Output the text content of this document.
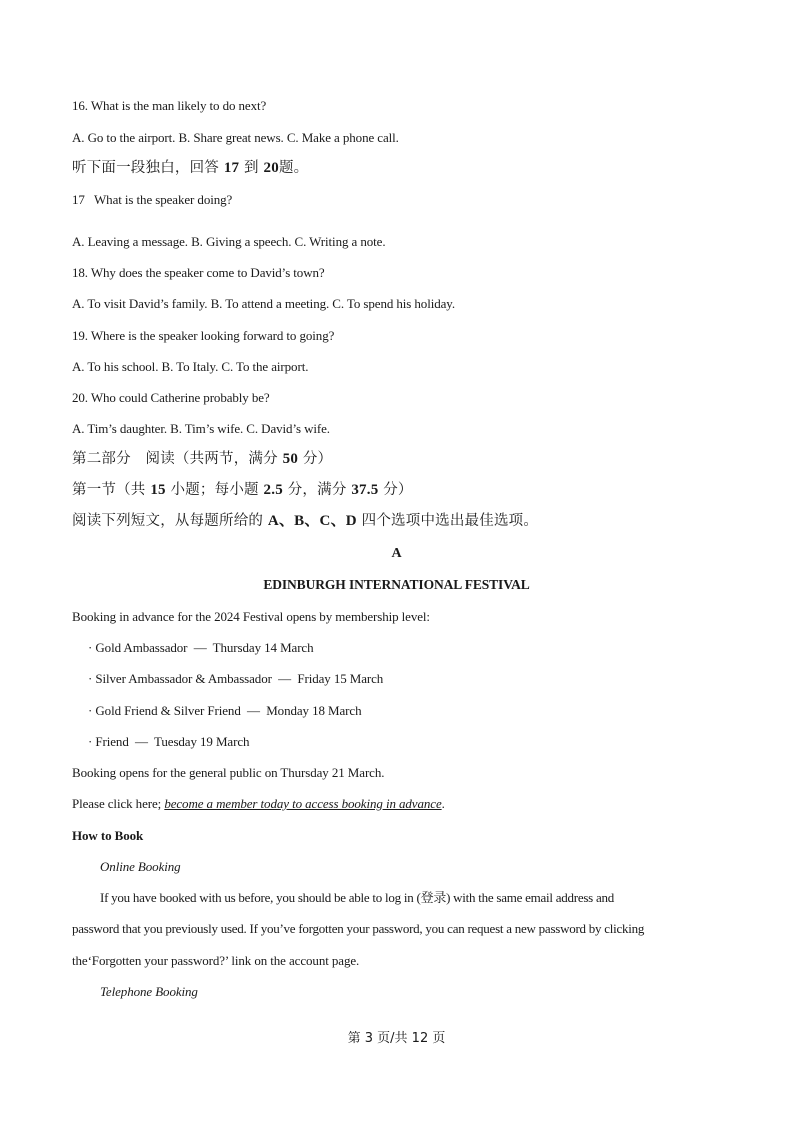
16. What is the man likely to do next?
A. Go to the airport. B. Share great news. C. Make a phone call.
听下面一段独白，回答 17 到 20题。
17   What is the speaker doing?
A. Leaving a message. B. Giving a speech. C. Writing a note.
18. Why does the speaker come to David’s town?
A. To visit David’s family. B. To attend a meeting. C. To spend his holiday.
19. Where is the speaker looking forward to going?
A. To his school. B. To Italy. C. To the airport.
20. Who could Catherine probably be?
A. Tim’s daughter. B. Tim’s wife. C. David’s wife.
第二部分　阅读（共两节，满分 50 分）
第一节（共 15 小题；每小题 2.5 分，满分 37.5 分）
阅读下列短文，从每题所给的 A、B、C、D 四个选项中选出最佳选项。
A
EDINBURGH INTERNATIONAL FESTIVAL
Booking in advance for the 2024 Festival opens by membership level:
· Gold Ambassador  —  Thursday 14 March
· Silver Ambassador & Ambassador  —  Friday 15 March
· Gold Friend & Silver Friend  —  Monday 18 March
· Friend  —  Tuesday 19 March
Booking opens for the general public on Thursday 21 March.
Please click here; become a member today to access booking in advance.
How to Book
Online Booking
If you have booked with us before, you should be able to log in (登录) with the same email address and
password that you previously used. If you’ve forgotten your password, you can request a new password by clicking
the‘Forgotten your password?’ link on the account page.
Telephone Booking
第 3 页/共 12 页
